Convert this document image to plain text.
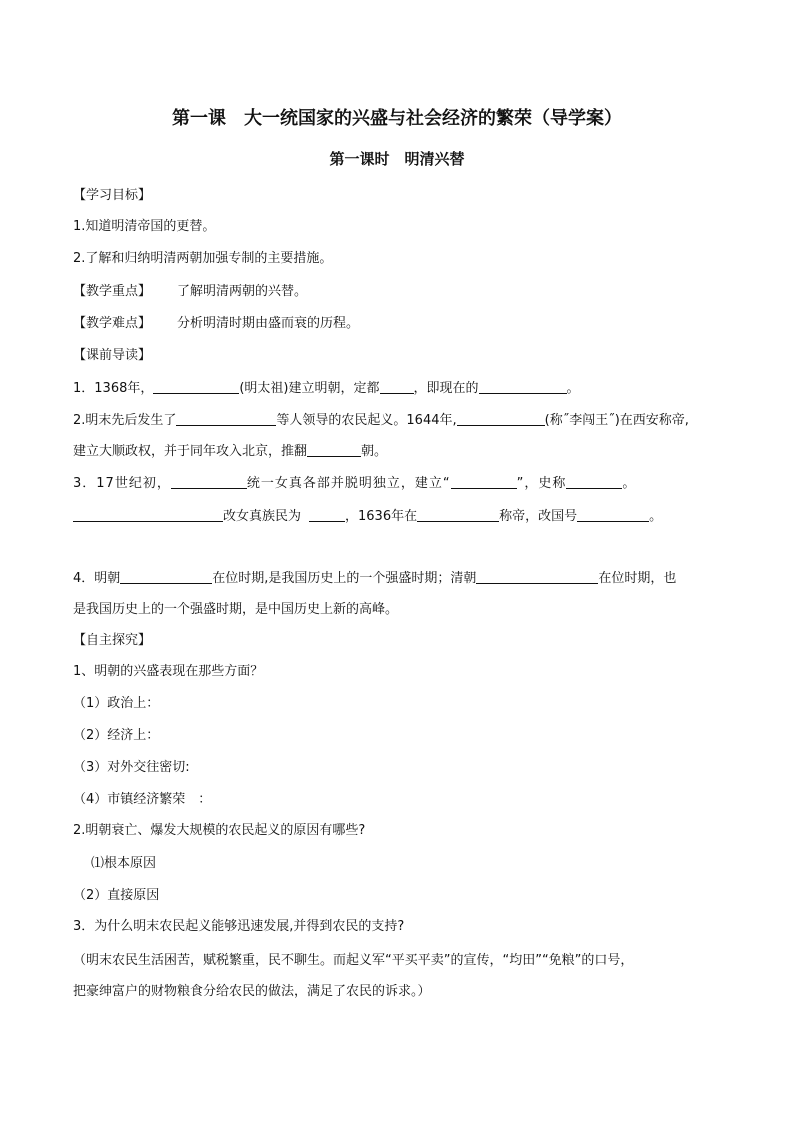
第一课　大一统国家的兴盛与社会经济的繁荣（导学案）
第一课时　明清兴替
【学习目标】
1.知道明清帝国的更替。
2.了解和归纳明清两朝加强专制的主要措施。
【教学重点】 了解明清两朝的兴替。
【教学难点】 分析明清时期由盛而衰的历程。
【课前导读】
1．1368年，	(明太祖)建立明朝，定都	，即现在的	。
2.明末先后发生了	等人领导的农民起义。1644年,	(称˝李闯王˝)在西安称帝,
建立大顺政权，并于同年攻入北京，推翻	朝。
3．17世纪初，	统一女真各部并脱明独立，建立“	”，史称	。
改女真族民为	，1636年在	称帝，改国号	。
4．明朝	在位时期,是我国历史上的一个强盛时期；清朝	在位时期，也
是我国历史上的一个强盛时期，是中国历史上新的高峰。
【自主探究】
1、明朝的兴盛表现在那些方面？
（1）政治上：
（2）经济上：
（3）对外交往密切:
（4）市镇经济繁荣　：
2.明朝衰亡、爆发大规模的农民起义的原因有哪些?
⑴根本原因
（2）直接原因
3．为什么明末农民起义能够迅速发展,并得到农民的支持?
（明末农民生活困苦，赋税繁重，民不聊生。而起义军“平买平卖”的宣传，“均田”“免粮”的口号，
把豪绅富户的财物粮食分给农民的做法，满足了农民的诉求。）
